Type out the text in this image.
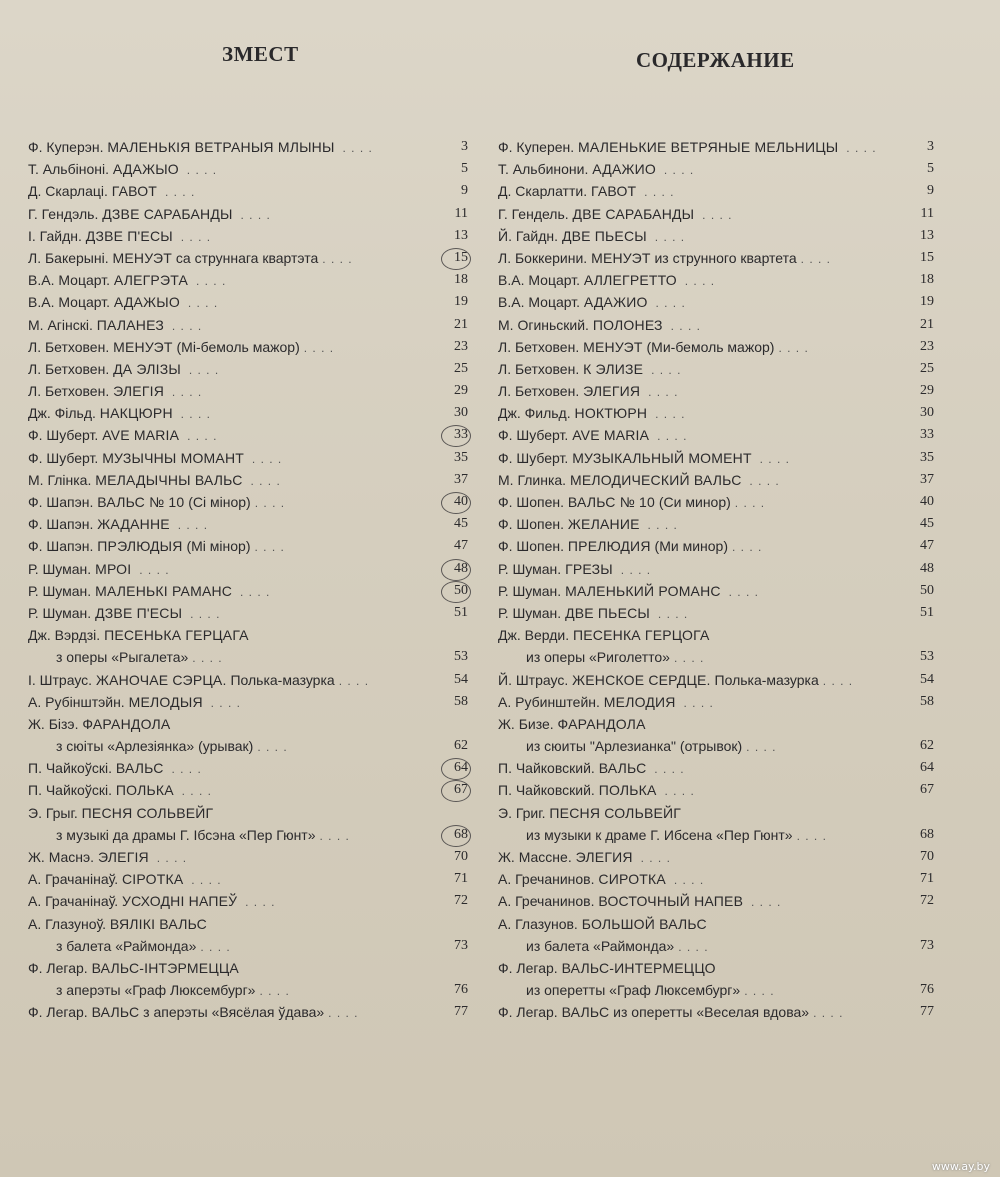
ЗМЕСТ	СОДЕРЖАНИЕ
Ф. Куперэн. МАЛЕНЬКІЯ ВЕТРАНЫЯ МЛЫНЫ . . . .	3
Т. Альбінонi. АДАЖЫО . . . .	5
Д. Скарлацi. ГАВОТ . . . .	9
Г. Гендэль. ДЗВЕ САРАБАНДЫ . . . .	11
I. Гайдн. ДЗВЕ П'ЕСЫ . . . .	13
Л. Бакерыні. МЕНУЭТ са струннага квартэта . . . .	15
В.А. Моцарт. АЛЕГРЭТА . . . .	18
В.А. Моцарт. АДАЖЫО . . . .	19
М. Агінскі. ПАЛАНЕЗ . . . .	21
Л. Бетховен. МЕНУЭТ (Мі-бемоль мажор) . . . .	23
Л. Бетховен. ДА ЭЛІЗЫ . . . .	25
Л. Бетховен. ЭЛЕГІЯ . . . .	29
Дж. Фільд. НАКЦЮРН . . . .	30
Ф. Шуберт. AVE MARIA . . . .	33
Ф. Шуберт. МУЗЫЧНЫ МОМАНТ . . . .	35
М. Глінка. МЕЛАДЫЧНЫ ВАЛЬС . . . .	37
Ф. Шапэн. ВАЛЬС № 10 (Сі мінор) . . . .	40
Ф. Шапэн. ЖАДАННЕ . . . .	45
Ф. Шапэн. ПРЭЛЮДЫЯ (Мі мінор) . . . .	47
Р. Шуман. МРОІ . . . .	48
Р. Шуман. МАЛЕНЬКІ РАМАНС . . . .	50
Р. Шуман. ДЗВЕ П'ЕСЫ . . . .	51
Дж. Вэрдзі. ПЕСЕНЬКА ГЕРЦАГА
з оперы «Рыгалета» . . . .	53
І. Штраус. ЖАНОЧАЕ СЭРЦА. Полька-мазурка . . . .	54
А. Рубінштэйн. МЕЛОДЫЯ . . . .	58
Ж. Бізэ. ФАРАНДОЛА
з сюіты «Арлезіянка» (урывак) . . . .	62
П. Чайкоўскі. ВАЛЬС . . . .	64
П. Чайкоўскі. ПОЛЬКА . . . .	67
Э. Грыг. ПЕСНЯ СОЛЬВЕЙГ
з музыкі да драмы Г. Ібсэна «Пер Гюнт» . . . .	68
Ж. Маснэ. ЭЛЕГІЯ . . . .	70
А. Грачанінаў. СІРОТКА . . . .	71
А. Грачанінаў. УСХОДНІ НАПЕЎ . . . .	72
А. Глазуноў. ВЯЛІКІ ВАЛЬС
з балета «Раймонда» . . . .	73
Ф. Легар. ВАЛЬС-ІНТЭРМЕЦЦА
з аперэты «Граф Люксембург» . . . .	76
Ф. Легар. ВАЛЬС з аперэты «Вясёлая ўдава» . . . .	77
Ф. Куперен. МАЛЕНЬКИЕ ВЕТРЯНЫЕ МЕЛЬНИЦЫ . . . .	3
Т. Альбинони. АДАЖИО . . . .	5
Д. Скарлатти. ГАВОТ . . . .	9
Г. Гендель. ДВЕ САРАБАНДЫ . . . .	11
Й. Гайдн. ДВЕ ПЬЕСЫ . . . .	13
Л. Боккерини. МЕНУЭТ из струнного квартета . . . .	15
В.А. Моцарт. АЛЛЕГРЕТТО . . . .	18
В.А. Моцарт. АДАЖИО . . . .	19
М. Огиньский. ПОЛОНЕЗ . . . .	21
Л. Бетховен. МЕНУЭТ (Ми-бемоль мажор) . . . .	23
Л. Бетховен. К ЭЛИЗЕ . . . .	25
Л. Бетховен. ЭЛЕГИЯ . . . .	29
Дж. Фильд. НОКТЮРН . . . .	30
Ф. Шуберт. AVE MARIA . . . .	33
Ф. Шуберт. МУЗЫКАЛЬНЫЙ МОМЕНТ . . . .	35
М. Глинка. МЕЛОДИЧЕСКИЙ ВАЛЬС . . . .	37
Ф. Шопен. ВАЛЬС № 10 (Си минор) . . . .	40
Ф. Шопен. ЖЕЛАНИЕ . . . .	45
Ф. Шопен. ПРЕЛЮДИЯ (Ми минор) . . . .	47
Р. Шуман. ГРЕЗЫ . . . .	48
Р. Шуман. МАЛЕНЬКИЙ РОМАНС . . . .	50
Р. Шуман. ДВЕ ПЬЕСЫ . . . .	51
Дж. Верди. ПЕСЕНКА ГЕРЦОГА
из оперы «Риголетто» . . . .	53
Й. Штраус. ЖЕНСКОЕ СЕРДЦЕ. Полька-мазурка . . . .	54
А. Рубинштейн. МЕЛОДИЯ . . . .	58
Ж. Бизе. ФАРАНДОЛА
из сюиты "Арлезианка" (отрывок) . . . .	62
П. Чайковский. ВАЛЬС . . . .	64
П. Чайковский. ПОЛЬКА . . . .	67
Э. Григ. ПЕСНЯ СОЛЬВЕЙГ
из музыки к драме Г. Ибсена «Пер Гюнт» . . . .	68
Ж. Массне. ЭЛЕГИЯ . . . .	70
А. Гречанинов. СИРОТКА . . . .	71
А. Гречанинов. ВОСТОЧНЫЙ НАПЕВ . . . .	72
А. Глазунов. БОЛЬШОЙ ВАЛЬС
из балета «Раймонда» . . . .	73
Ф. Легар. ВАЛЬС-ИНТЕРМЕЦЦО
из оперетты «Граф Люксембург» . . . .	76
Ф. Легар. ВАЛЬС из оперетты «Веселая вдова» . . . .	77
www.ay.by
